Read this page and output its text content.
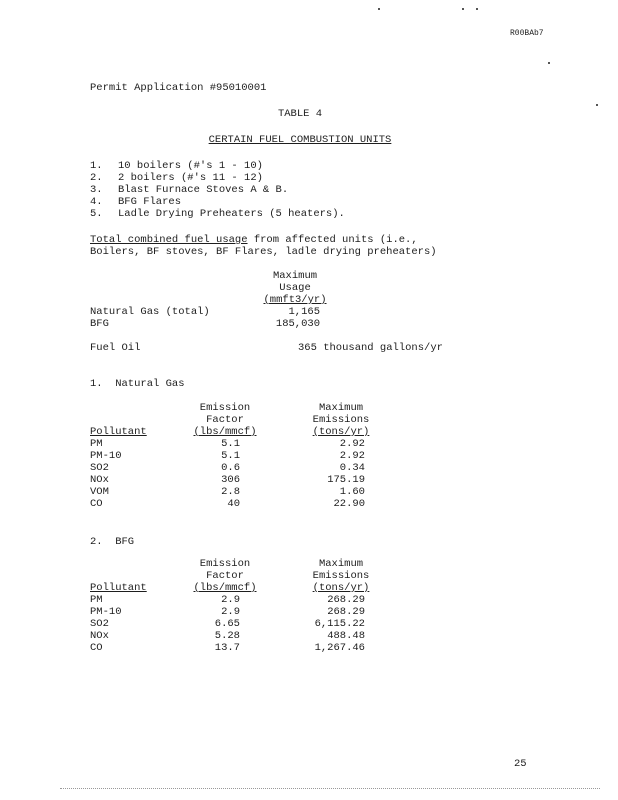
R00BAb7
Permit Application #95010001
TABLE 4
CERTAIN FUEL COMBUSTION UNITS
1. 10 boilers (#'s 1 - 10)
2. 2 boilers (#'s 11 - 12)
3. Blast Furnace Stoves A & B.
4. BFG Flares
5. Ladle Drying Preheaters (5 heaters).
Total combined fuel usage from affected units (i.e.,
Boilers, BF stoves, BF Flares, ladle drying preheaters)
Maximum
Usage
(mmft3/yr)
Natural Gas (total)	1,165
BFG	185,030
Fuel Oil	365 thousand gallons/yr
1.  Natural Gas
Emission
Factor
(lbs/mmcf)
Maximum
Emissions
(tons/yr)
Pollutant
PM	5.1	2.92
PM-10	5.1	2.92
SO2	0.6	0.34
NOx	306	175.19
VOM	2.8	1.60
CO	40	22.90
2.  BFG
Emission
Factor
(lbs/mmcf)
Maximum
Emissions
(tons/yr)
Pollutant
PM	2.9	268.29
PM-10	2.9	268.29
SO2	6.65	6,115.22
NOx	5.28	488.48
CO	13.7	1,267.46
25
